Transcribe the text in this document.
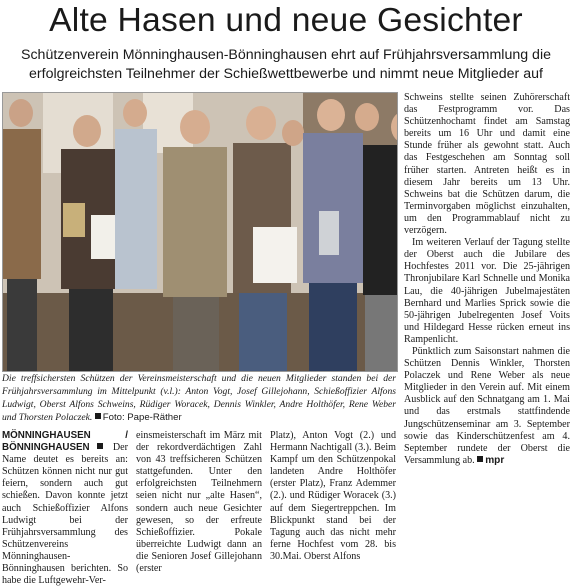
Alte Hasen und neue Gesichter
Schützenverein Mönninghausen-Bönninghausen ehrt auf Frühjahrsversammlung die
erfolgreichsten Teilnehmer der Schießwettbewerbe und nimmt neue Mitglieder auf
Die treffsichersten Schützen der Vereinsmeisterschaft und die neuen Mitglieder standen bei der Frühjahrsversammlung im Mittelpunkt (v.l.): Anton Vogt, Josef Gillejohann, Schießoffizier Alfons Ludwigt, Oberst Alfons Schweins, Rüdiger Woracek, Dennis Winkler, Andre Holthöfer, Rene Weber und Thorsten Polaczek. Foto: Pape-Räther
MÖNNINGHAUSEN / BÖNNINGHAUSEN Der Name deutet es bereits an: Schützen können nicht nur gut feiern, sondern auch gut schießen. Davon konnte jetzt auch Schießoffizier Alfons Ludwigt bei der Frühjahrsversammlung des Schützenvereins Mönninghausen-Bönninghausen berichten. So habe die Luftgewehr-Ver-
einsmeisterschaft im März mit der rekordverdächtigen Zahl von 43 treffsicheren Schützen stattgefunden. Unter den erfolgreichsten Teilnehmern seien nicht nur „alte Hasen“, sondern auch neue Gesichter gewesen, so der erfreute Schießoffizier. Pokale überreichte Ludwigt dann an die Senioren Josef Gillejohann (erster
Platz), Anton Vogt (2.) und Hermann Nachtigall (3.). Beim Kampf um den Schützenpokal landeten Andre Holthöfer (erster Platz), Franz Ademmer (2.). und Rüdiger Woracek (3.) auf dem Siegertreppchen. Im Blickpunkt stand bei der Tagung auch das nicht mehr ferne Hochfest vom 28. bis 30.Mai. Oberst Alfons

Schweins stellte seinen Zuhörerschaft das Festprogramm vor. Das Schützenhochamt findet am Samstag bereits um 16 Uhr und damit eine Stunde früher als gewohnt statt. Auch das Festgeschehen am Sonntag soll früher starten. Antreten heißt es in diesem Jahr bereits um 13 Uhr. Schweins bat die Schützen darum, die Terminvorgaben möglichst einzuhalten, um den Programmablauf nicht zu verzögern.

Im weiteren Verlauf der Tagung stellte der Oberst auch die Jubilare des Hochfestes 2011 vor. Die 25-jährigen Thronjubilare Karl Schnelle und Monika Lau, die 40-jährigen Jubelmajestäten Bernhard und Marlies Sprick sowie die 50-jährigen Jubelregenten Josef Voits und Hildegard Hesse rücken erneut ins Rampenlicht.

Pünktlich zum Saisonstart nahmen die Schützen Dennis Winkler, Thorsten Polaczek und Rene Weber als neue Mitglieder in den Verein auf. Mit einem Ausblick auf den Schnatgang am 1. Mai und das erstmals stattfindende Jungschützenseminar am 3. September sowie das Kinderschützenfest am 4. September rundete der Oberst die Versammlung ab. mpr
